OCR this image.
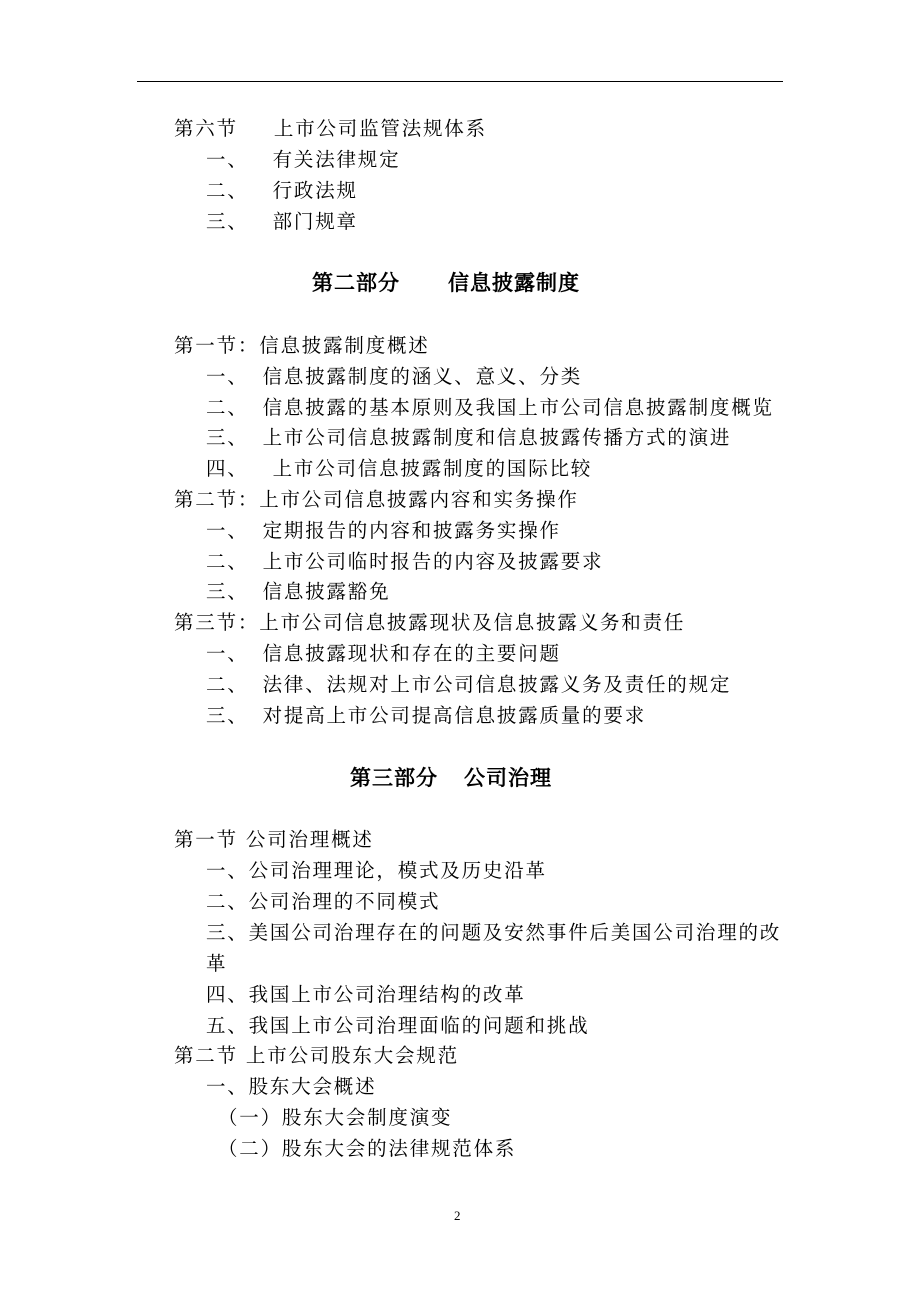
第六节 上市公司监管法规体系
一、 有关法律规定
二、 行政法规
三、 部门规章
第二部分 信息披露制度
第一节：信息披露制度概述
一、 信息披露制度的涵义、意义、分类
二、 信息披露的基本原则及我国上市公司信息披露制度概览
三、 上市公司信息披露制度和信息披露传播方式的演进
四、 上市公司信息披露制度的国际比较
第二节：上市公司信息披露内容和实务操作
一、 定期报告的内容和披露务实操作
二、 上市公司临时报告的内容及披露要求
三、 信息披露豁免
第三节：上市公司信息披露现状及信息披露义务和责任
一、 信息披露现状和存在的主要问题
二、 法律、法规对上市公司信息披露义务及责任的规定
三、 对提高上市公司提高信息披露质量的要求
第三部分 公司治理
第一节 公司治理概述
一、公司治理理论，模式及历史沿革
二、公司治理的不同模式
三、美国公司治理存在的问题及安然事件后美国公司治理的改
革
四、我国上市公司治理结构的改革
五、我国上市公司治理面临的问题和挑战
第二节 上市公司股东大会规范
一、股东大会概述
（一）股东大会制度演变
（二）股东大会的法律规范体系
2
